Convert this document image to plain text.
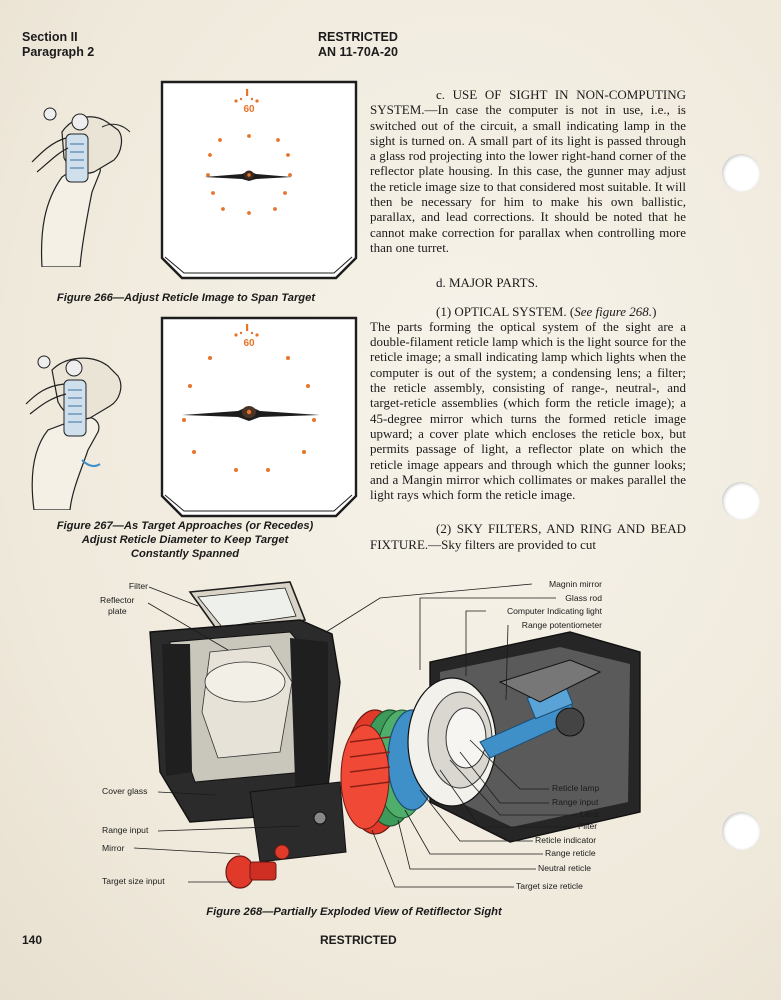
Section II
Paragraph 2
RESTRICTED
AN 11-70A-20

c. USE OF SIGHT IN NON-COMPUTING SYSTEM.—In case the computer is not in use, i.e., is switched out of the circuit, a small indicating lamp in the sight is turned on. A small part of its light is passed through a glass rod projecting into the lower right-hand corner of the reflector plate housing. In this case, the gunner may adjust the reticle image size to that considered most suitable. It will then be necessary for him to make his own ballistic, parallax, and lead corrections. It should be noted that he cannot make correction for parallax when controlling more than one turret.

d. MAJOR PARTS.

(1) OPTICAL SYSTEM. (See figure 268.)

The parts forming the optical system of the sight are a double-filament reticle lamp which is the light source for the reticle image; a small indicating lamp which lights when the computer is out of the system; a condensing lens; a filter; the reticle assembly, consisting of range-, neutral-, and target-reticle assemblies (which form the reticle image); a 45-degree mirror which turns the formed reticle image upward; a cover plate which encloses the reticle box, but permits passage of light, a reflector plate on which the reticle image appears and through which the gunner looks; and a Mangin mirror which collimates or makes parallel the light rays which form the reticle image.

(2) SKY FILTERS, AND RING AND BEAD FIXTURE.—Sky filters are provided to cut

60
Figure 266—Adjust Reticle Image to Span Target
60
Figure 267—As Target Approaches (or Recedes)
Adjust Reticle Diameter to Keep Target
Constantly Spanned
Filter
Reflector
plate
Cover glass
Range input
Mirror
Target size input
Magnin mirror
Glass rod
Computer Indicating light
Range potentiometer
Reticle lamp
Range input
Lens
Filter
Reticle indicator
Range reticle
Neutral reticle
Target size reticle
Figure 268—Partially Exploded View of Retiflector Sight
140	RESTRICTED
